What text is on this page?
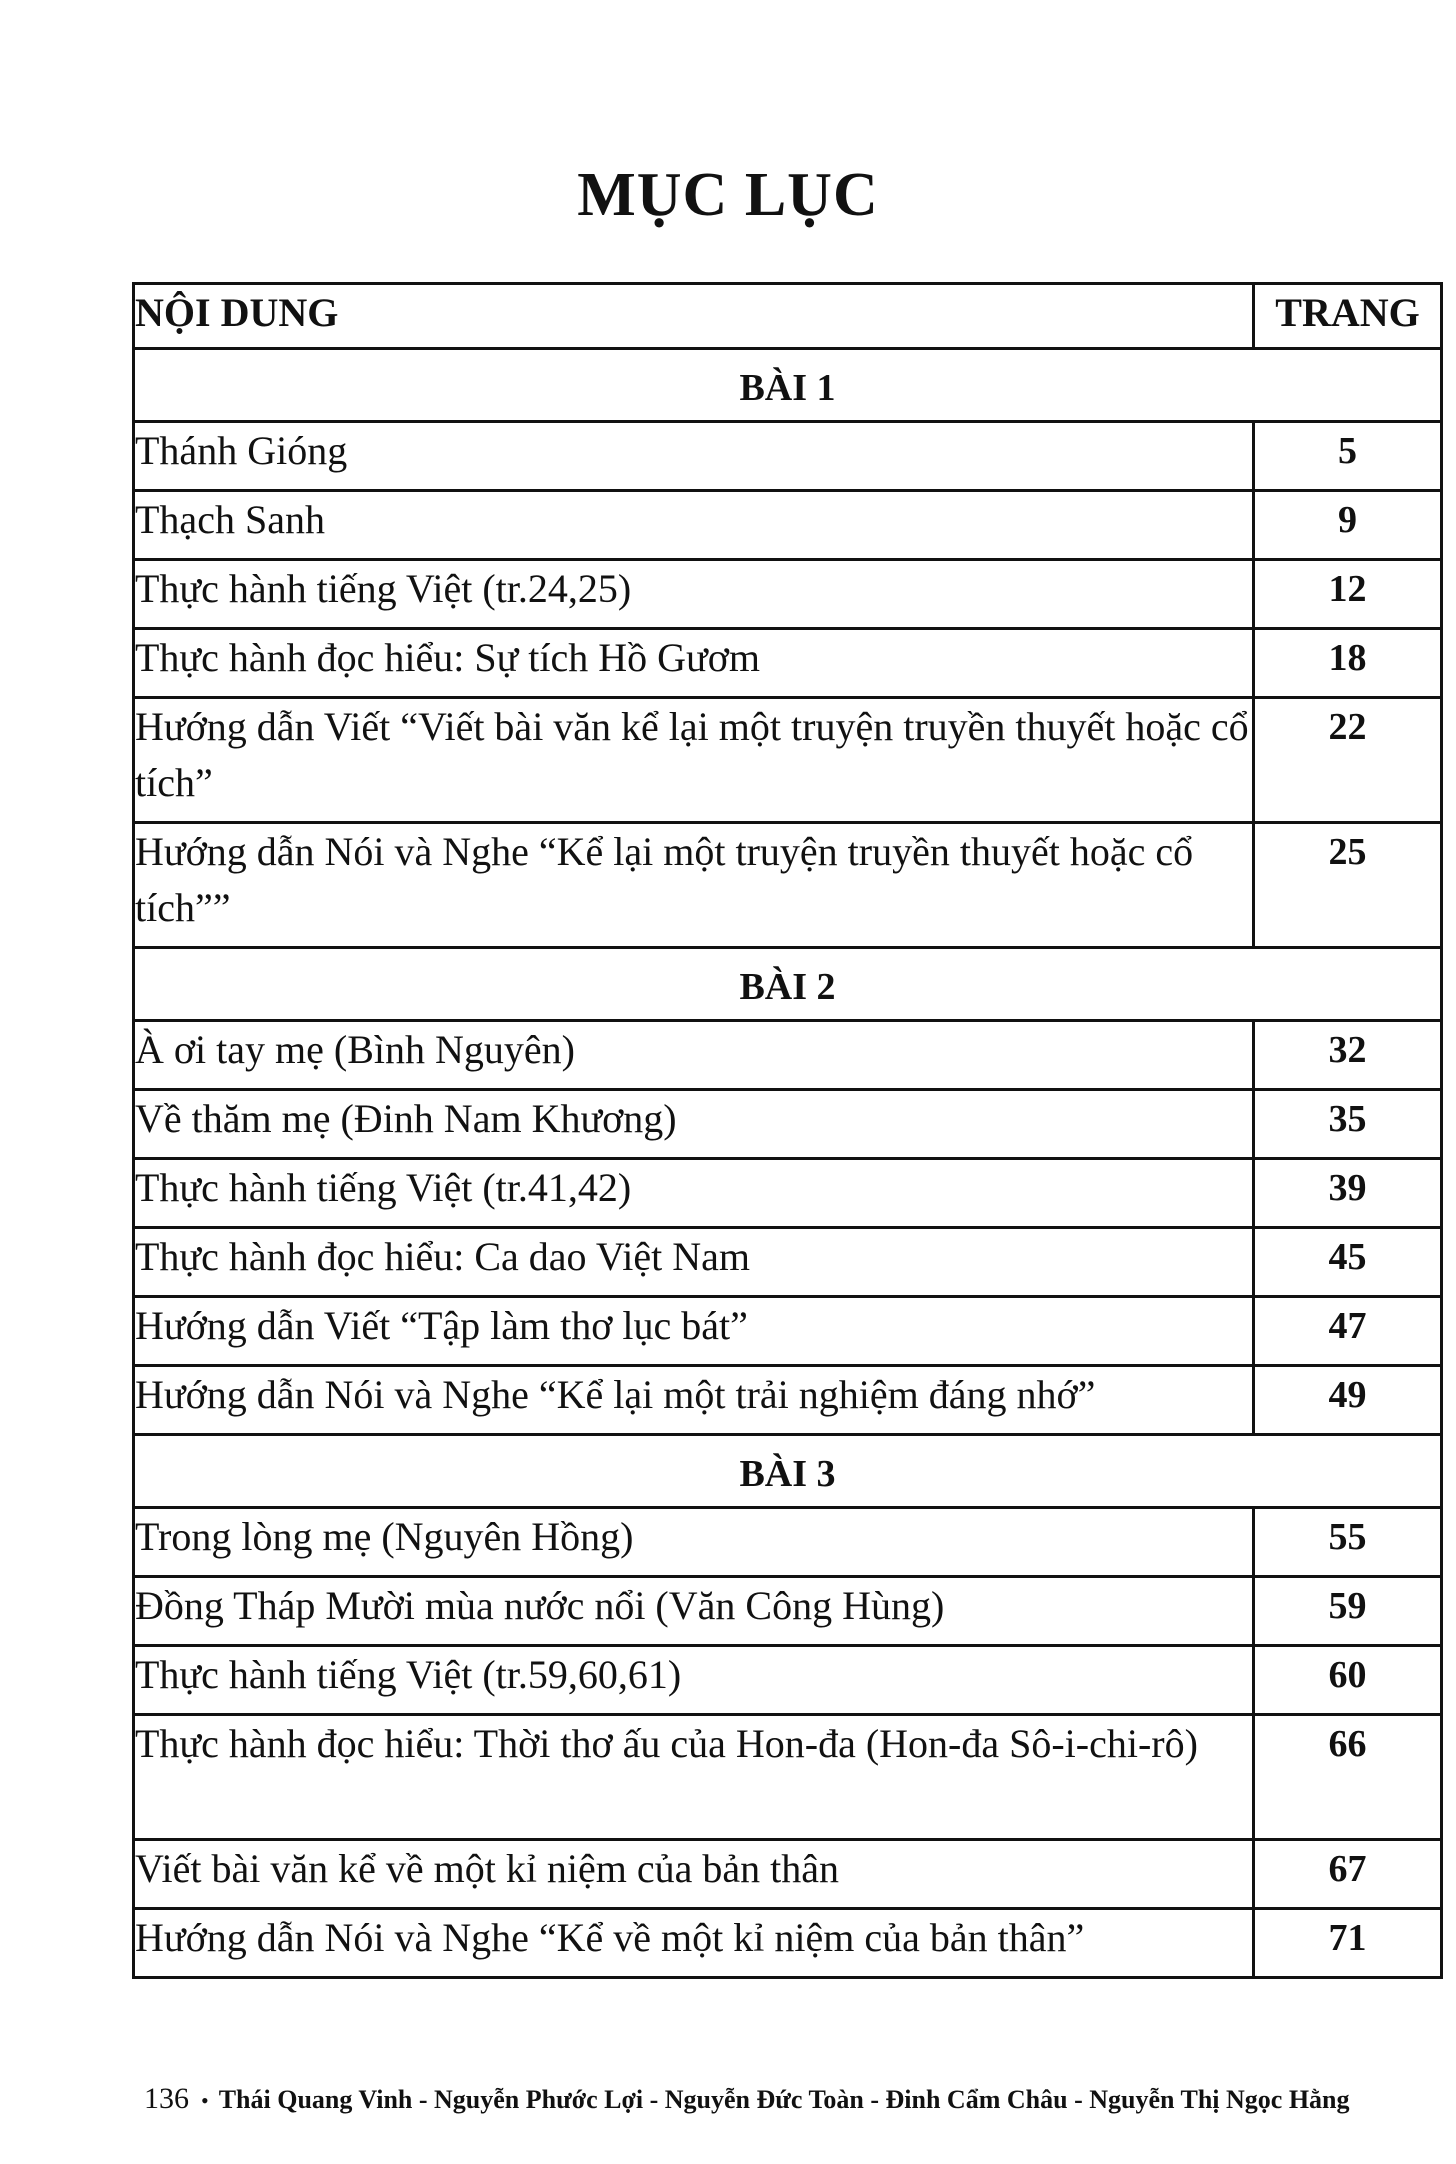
MỤC LỤC
NỘI DUNG	TRANG
BÀI 1	
Thánh Gióng	5
Thạch Sanh	9
Thực hành tiếng Việt (tr.24,25)	12
Thực hành đọc hiểu: Sự tích Hồ Gươm	18
Hướng dẫn Viết “Viết bài văn kể lại một truyện truyền thuyết hoặc cổ tích”	22
Hướng dẫn Nói và Nghe “Kể lại một truyện truyền thuyết hoặc cổ tích””	25
BÀI 2	
À ơi tay mẹ (Bình Nguyên)	32
Về thăm mẹ (Đinh Nam Khương)	35
Thực hành tiếng Việt (tr.41,42)	39
Thực hành đọc hiểu: Ca dao Việt Nam	45
Hướng dẫn Viết “Tập làm thơ lục bát”	47
Hướng dẫn Nói và Nghe “Kể lại một trải nghiệm đáng nhớ”	49
BÀI 3	
Trong lòng mẹ (Nguyên Hồng)	55
Đồng Tháp Mười mùa nước nổi (Văn Công Hùng)	59
Thực hành tiếng Việt (tr.59,60,61)	60
Thực hành đọc hiểu: Thời thơ ấu của Hon-đa (Hon-đa Sô-i-chi-rô)	66
Viết bài văn kể về một kỉ niệm của bản thân	67
Hướng dẫn Nói và Nghe “Kể về một kỉ niệm của bản thân”	71
136 • Thái Quang Vinh - Nguyễn Phước Lợi - Nguyễn Đức Toàn - Đinh Cẩm Châu - Nguyễn Thị Ngọc Hằng
